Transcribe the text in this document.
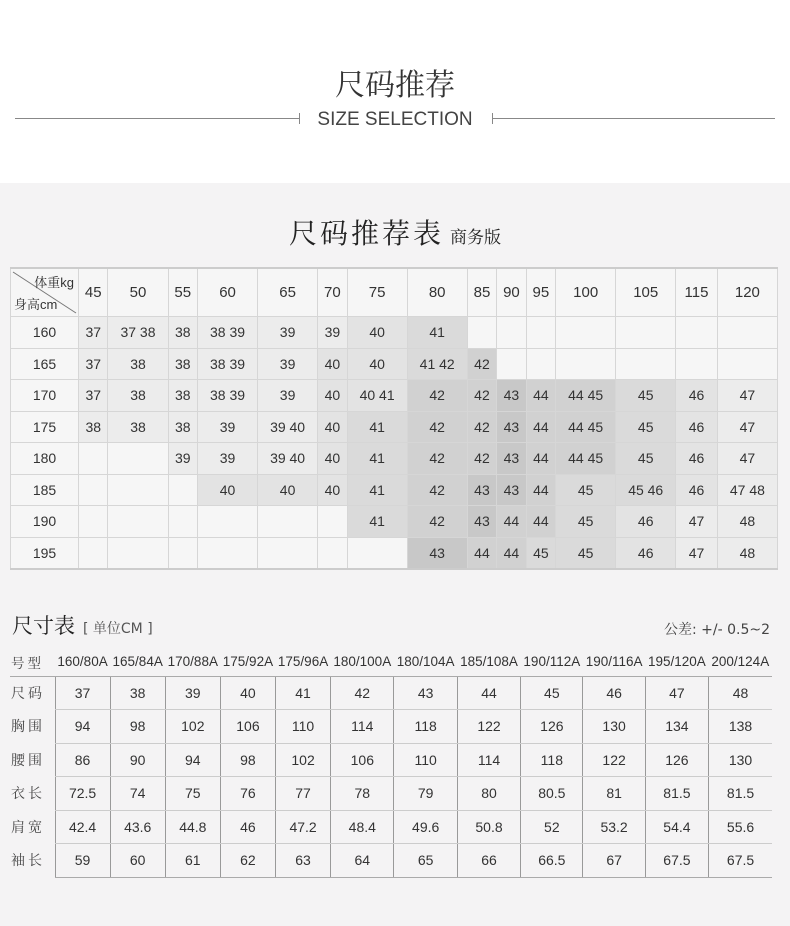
尺码推荐
SIZE SELECTION
尺码推荐表 商务版
体重kg
身高cm	45	50	55	60	65	70	75	80	85	90	95	100	105	115	120
160	37	37 38	38	38 39	39	39	40	41							
165	37	38	38	38 39	39	40	40	41 42	42						
170	37	38	38	38 39	39	40	40 41	42	42	43	44	44 45	45	46	47
175	38	38	38	39	39 40	40	41	42	42	43	44	44 45	45	46	47
180			39	39	39 40	40	41	42	42	43	44	44 45	45	46	47
185				40	40	40	41	42	43	43	44	45	45 46	46	47 48
190							41	42	43	44	44	45	46	47	48
195								43	44	44	45	45	46	47	48
尺寸表 [ 单位CM ]	公差: +/- 0.5~2
号型	160/80A	165/84A	170/88A	175/92A	175/96A	180/100A	180/104A	185/108A	190/112A	190/116A	195/120A	200/124A
尺码	37	38	39	40	41	42	43	44	45	46	47	48
胸围	94	98	102	106	110	114	118	122	126	130	134	138
腰围	86	90	94	98	102	106	110	114	118	122	126	130
衣长	72.5	74	75	76	77	78	79	80	80.5	81	81.5	81.5
肩宽	42.4	43.6	44.8	46	47.2	48.4	49.6	50.8	52	53.2	54.4	55.6
袖长	59	60	61	62	63	64	65	66	66.5	67	67.5	67.5
